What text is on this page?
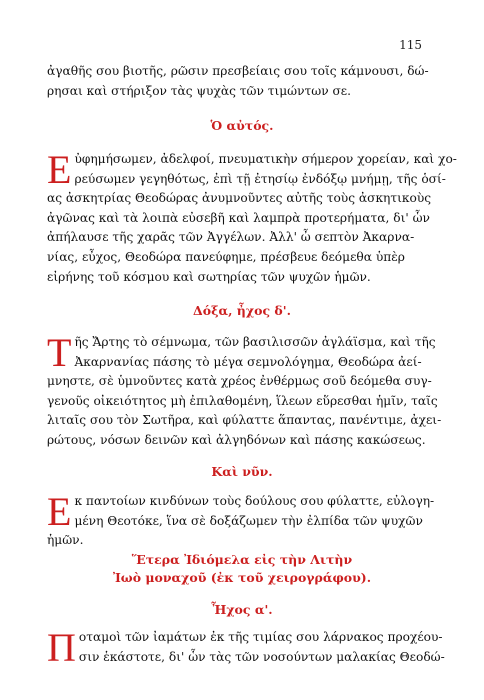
115
ἀγαθῆς σου βιοτῆς, ρῶσιν πρεσβείαις σου τοῖς κάμνουσι, δώ-
ρησαι καὶ στήριξον τὰς ψυχὰς τῶν τιμώντων σε.
Ὁ αὐτός.
Ε ὐφημήσωμεν, ἀδελφοί, πνευματικὴν σήμερον χορείαν, καὶ χο-
ρεύσωμεν γεγηθότως, ἐπὶ τῇ ἐτησίῳ ἐνδόξῳ μνήμῃ, τῆς ὁσί-
ας ἀσκητρίας Θεοδώρας ἀνυμνοῦντες αὐτῆς τοὺς ἀσκητικοὺς
ἀγῶνας καὶ τὰ λοιπὰ εὐσεβῆ καὶ λαμπρὰ προτερήματα, δι' ὧν
ἀπήλαυσε τῆς χαρᾶς τῶν Ἀγγέλων. Ἀλλ' ὦ σεπτὸν Ἀκαρνα-
νίας, εὖχος, Θεοδώρα πανεύφημε, πρέσβευε δεόμεθα ὑπὲρ
εἰρήνης τοῦ κόσμου καὶ σωτηρίας τῶν ψυχῶν ἡμῶν.
Δόξα, ἦχος δ'.
Τ ῆς Ἄρτης τὸ σέμνωμα, τῶν βασιλισσῶν ἀγλάϊσμα, καὶ τῆς
Ἀκαρνανίας πάσης τὸ μέγα σεμνολόγημα, Θεοδώρα ἀεί-
μνηστε, σὲ ὑμνοῦντες κατὰ χρέος ἐνθέρμως σοῦ δεόμεθα συγ-
γενοῦς οἰκειότητος μὴ ἐπιλαθομένη, ἵλεων εὕρεσθαι ἡμῖν, ταῖς
λιταῖς σου τὸν Σωτῆρα, καὶ φύλαττε ἅπαντας, πανέντιμε, ἀχει-
ρώτους, νόσων δεινῶν καὶ ἀλγηδόνων καὶ πάσης κακώσεως.
Καὶ νῦν.
Ε κ παντοίων κινδύνων τοὺς δούλους σου φύλαττε, εὐλογη-
μένη Θεοτόκε, ἵνα σὲ δοξάζωμεν τὴν ἐλπίδα τῶν ψυχῶν
ἡμῶν.
Ἕτερα Ἰδιόμελα εἰς τὴν Λιτὴν
Ἰωὸ μοναχοῦ (ἐκ τοῦ χειρογράφου).
Ἦχος α'.
Π οταμοὶ τῶν ἰαμάτων ἐκ τῆς τιμίας σου λάρνακος προχέου-
σιν ἑκάστοτε, δι' ὧν τὰς τῶν νοσούντων μαλακίας Θεοδώ-
